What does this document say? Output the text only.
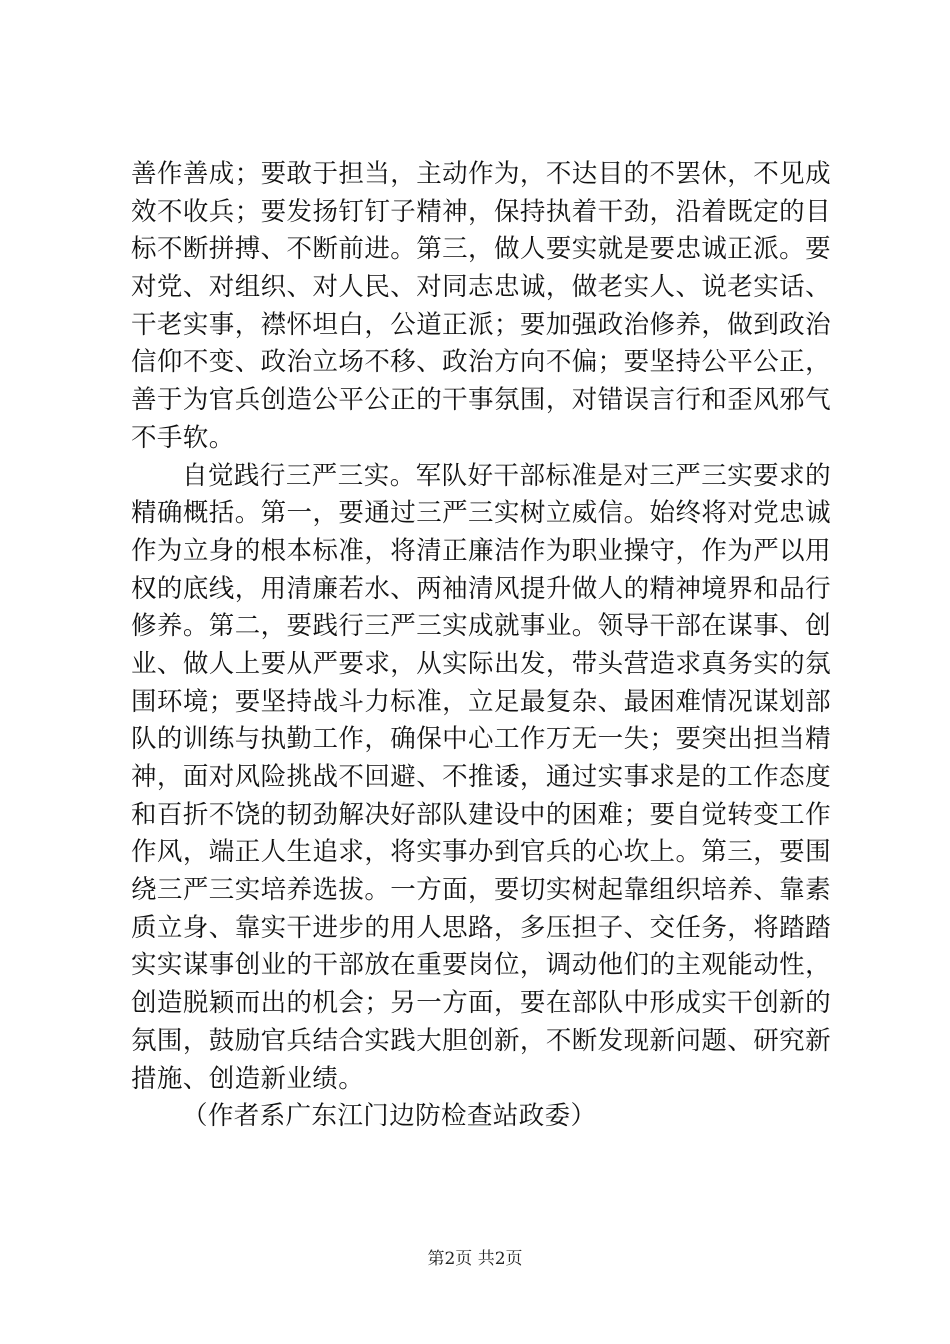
善作善成；要敢于担当，主动作为，不达目的不罢休，不见成
效不收兵；要发扬钉钉子精神，保持执着干劲，沿着既定的目
标不断拼搏、不断前进。第三，做人要实就是要忠诚正派。要
对党、对组织、对人民、对同志忠诚，做老实人、说老实话、
干老实事，襟怀坦白，公道正派；要加强政治修养，做到政治
信仰不变、政治立场不移、政治方向不偏；要坚持公平公正，
善于为官兵创造公平公正的干事氛围，对错误言行和歪风邪气
不手软。
自觉践行三严三实。军队好干部标准是对三严三实要求的
精确概括。第一，要通过三严三实树立威信。始终将对党忠诚
作为立身的根本标准，将清正廉洁作为职业操守，作为严以用
权的底线，用清廉若水、两袖清风提升做人的精神境界和品行
修养。第二，要践行三严三实成就事业。领导干部在谋事、创
业、做人上要从严要求，从实际出发，带头营造求真务实的氛
围环境；要坚持战斗力标准，立足最复杂、最困难情况谋划部
队的训练与执勤工作，确保中心工作万无一失；要突出担当精
神，面对风险挑战不回避、不推诿，通过实事求是的工作态度
和百折不饶的韧劲解决好部队建设中的困难；要自觉转变工作
作风，端正人生追求，将实事办到官兵的心坎上。第三，要围
绕三严三实培养选拔。一方面，要切实树起靠组织培养、靠素
质立身、靠实干进步的用人思路，多压担子、交任务，将踏踏
实实谋事创业的干部放在重要岗位，调动他们的主观能动性，
创造脱颖而出的机会；另一方面，要在部队中形成实干创新的
氛围，鼓励官兵结合实践大胆创新，不断发现新问题、研究新
措施、创造新业绩。
（作者系广东江门边防检查站政委）
第2页 共2页
